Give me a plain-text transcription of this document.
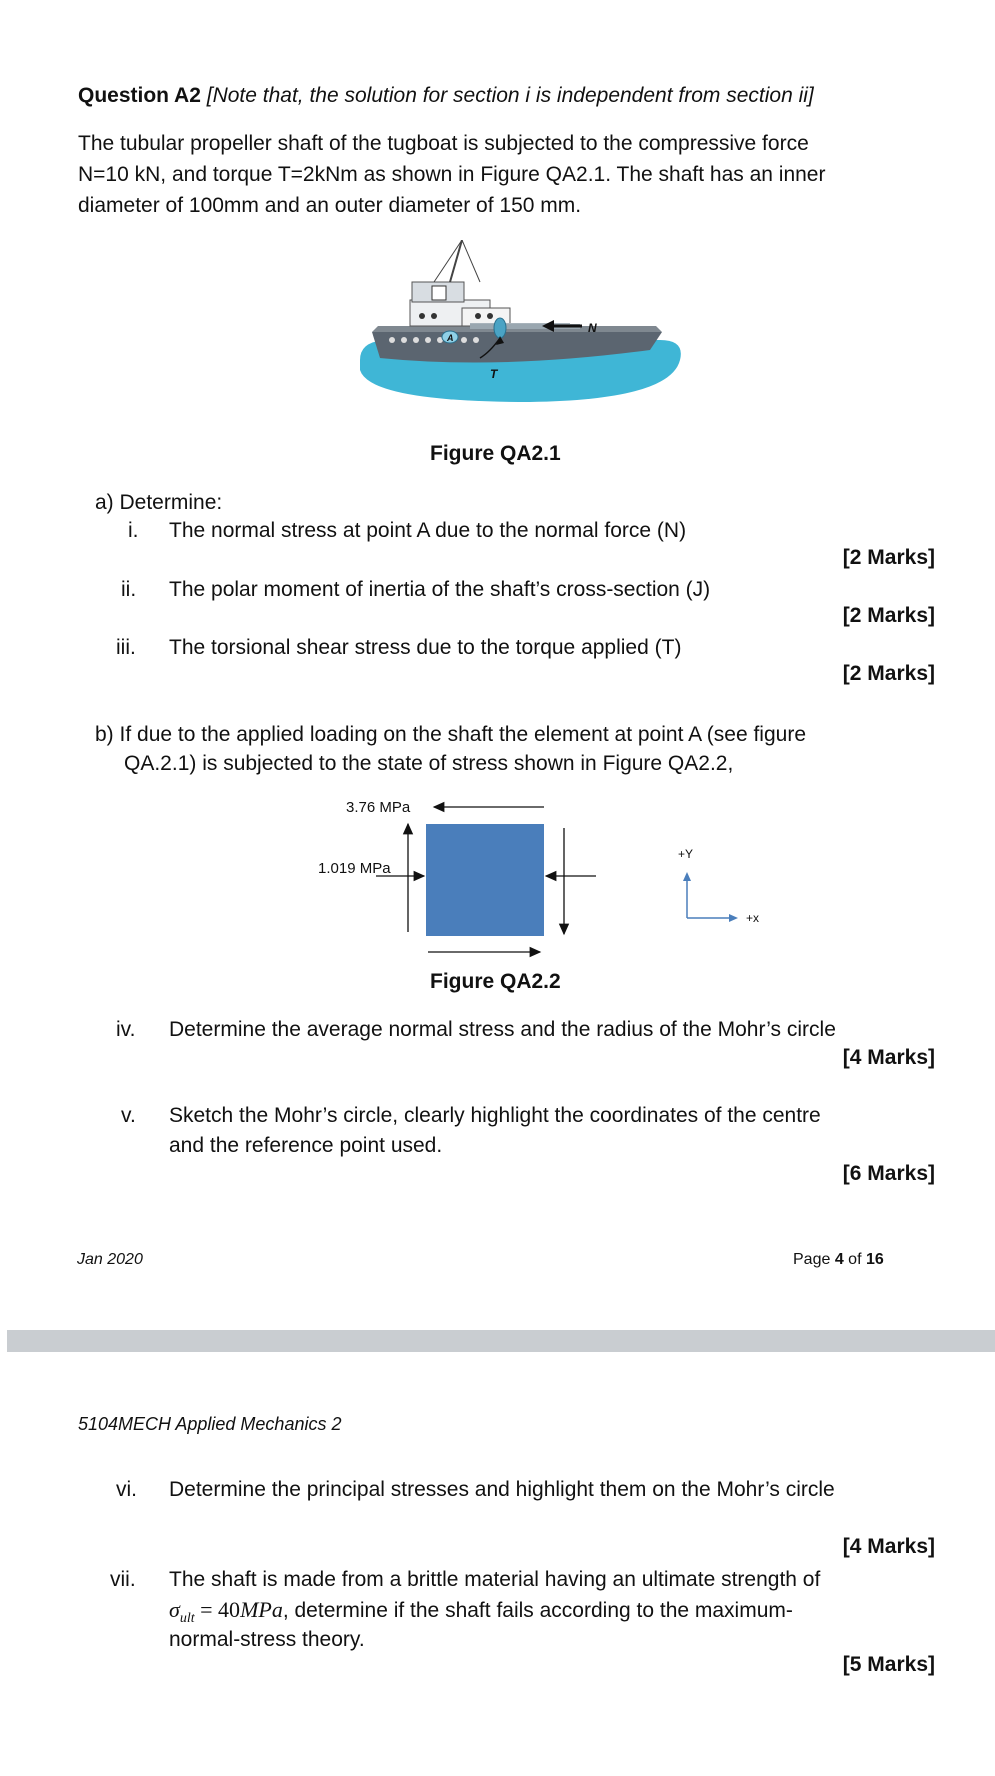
Question A2 [Note that, the solution for section i is independent from section ii]
The tubular propeller shaft of the tugboat is subjected to the compressive force
N=10 kN, and torque T=2kNm as shown in Figure QA2.1. The shaft has an inner
diameter of 100mm and an outer diameter of 150 mm.
N
A
T
Figure QA2.1
a) Determine:
i. The normal stress at point A due to the normal force (N)
[2 Marks]
ii. The polar moment of inertia of the shaft’s cross-section (J)
[2 Marks]
iii. The torsional shear stress due to the torque applied (T)
[2 Marks]
b) If due to the applied loading on the shaft the element at point A (see figure
QA.2.1) is subjected to the state of stress shown in Figure QA2.2,
3.76 MPa
1.019 MPa
+Y
+x
Figure QA2.2
iv. Determine the average normal stress and the radius of the Mohr’s circle
[4 Marks]
v. Sketch the Mohr’s circle, clearly highlight the coordinates of the centre
and the reference point used.
[6 Marks]
Jan 2020	Page 4 of 16
5104MECH Applied Mechanics 2
vi. Determine the principal stresses and highlight them on the Mohr’s circle
[4 Marks]
vii. The shaft is made from a brittle material having an ultimate strength of
$\sigma_{ult} = 40MPa$, determine if the shaft fails according to the maximum-
normal-stress theory.
[5 Marks]
